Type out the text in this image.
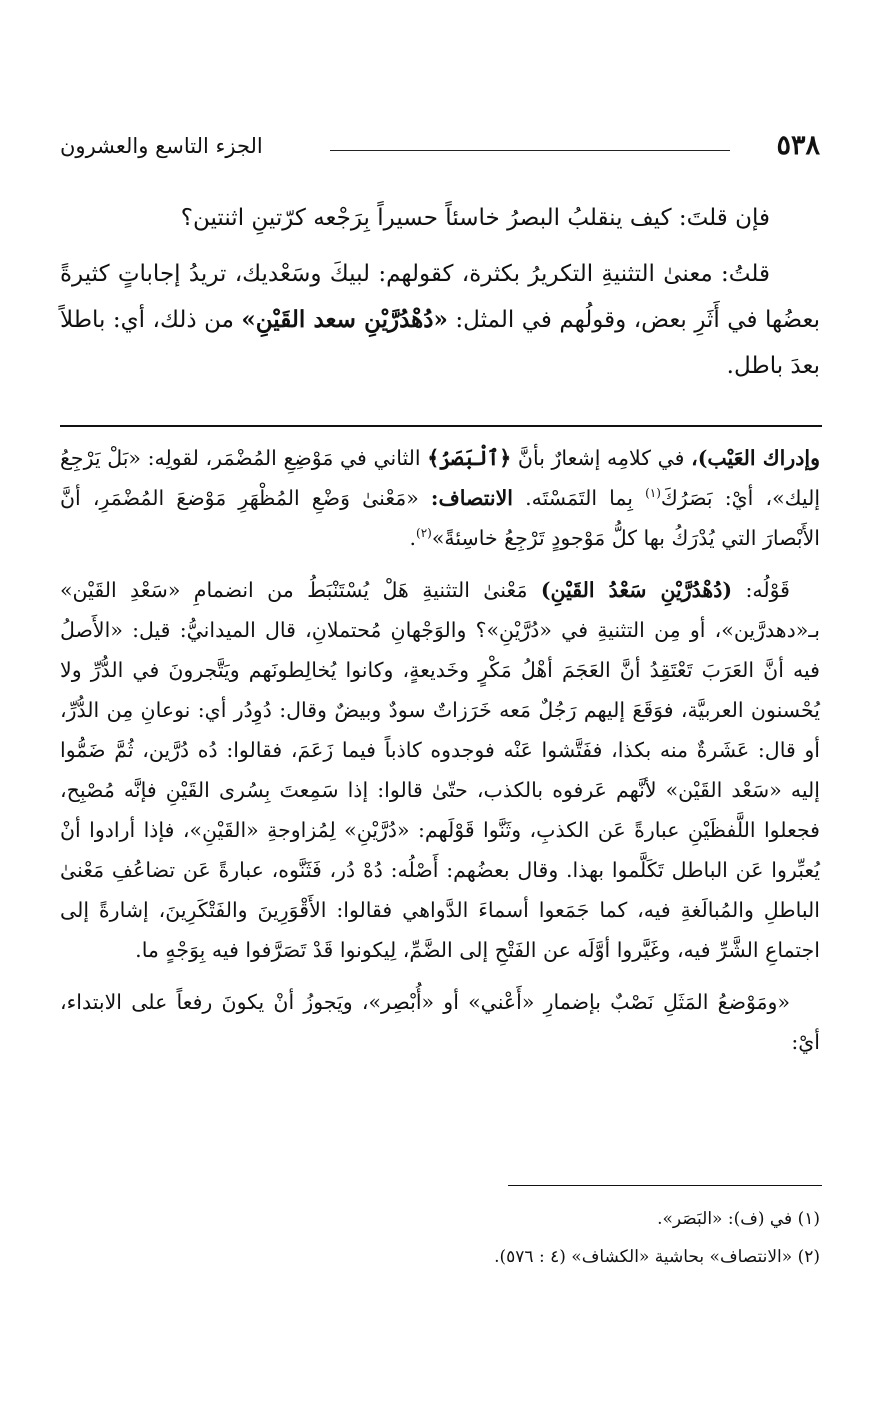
٥٣٨
الجزء التاسع والعشرون

فإن قلتَ: كيف ينقلبُ البصرُ خاسئاً حسيراً بِرَجْعه كرّتينِ اثنتين؟

قلتُ: معنىٰ التثنيةِ التكريرُ بكثرة، كقولهم: لبيكَ وسَعْديك، تريدُ إجاباتٍ كثيرةً بعضُها في أَثَرِ بعض، وقولُهم في المثل: «دُهْدُرَّيْنِ سعد القَيْنِ» من ذلك، أي: باطلاً بعدَ باطل.

وإدراك العَيْب)، في كلامِه إشعارٌ بأنَّ ﴿ٱلْبَصَرُ﴾ الثاني في مَوْضِعِ المُضْمَر، لقولِه: «بَلْ يَرْجِعُ إليك»، أيْ: بَصَرُكَ$^{(١)}$ بِما التَمَسْتَه. الانتصاف: «مَعْنىٰ وَضْعِ المُظْهَرِ مَوْضعَ المُضْمَرِ، أنَّ الأَبْصارَ التي يُدْرَكُ بها كلُّ مَوْجودٍ تَرْجِعُ خاسِئةً»$^{(٢)}$.

قَوْلُه: (دُهْدُرَّيْنِ سَعْدُ القَيْنِ) مَعْنىٰ التثنيةِ هَلْ يُسْتَنْبَطُ من انضمامِ «سَعْدِ القَيْن» بـ«دهدرَّين»، أو مِن التثنيةِ في «دُرَّيْنِ»؟ والوَجْهانِ مُحتملانِ، قال الميدانيُّ: قيل: «الأَصلُ فيه أنَّ العَرَبَ تَعْتَقِدُ أنَّ العَجَمَ أهْلُ مَكْرٍ وخَديعةٍ، وكانوا يُخالِطونَهم ويَتَّجرونَ في الدُّرِّ ولا يُحْسنون العربيَّة، فوَقَعَ إليهم رَجُلٌ مَعه خَرَزاتٌ سودٌ وبيضٌ وقال: دُوِدُر أي: نوعانِ مِن الدُّرِّ، أو قال: عَشَرةٌ منه بكذا، ففَتَّشوا عَنْه فوجدوه كاذباً فيما زَعَمَ، فقالوا: دُه دُرَّين، ثُمَّ ضَمُّوا إليه «سَعْد القَيْن» لأنَّهم عَرفوه بالكذب، حتّىٰ قالوا: إذا سَمِعتَ بِسُرى القَيْنِ فإنَّه مُصْبِح، فجعلوا اللَّفظَيْنِ عبارةً عَن الكذبِ، وثَنَّوا قَوْلَهم: «دُرَّيْنِ» لِمُزاوجةِ «القَيْنِ»، فإذا أرادوا أنْ يُعبِّروا عَن الباطل تَكَلَّموا بهذا. وقال بعضُهم: أَصْلُه: دُهْ دُر، فَثَنَّوه، عبارةً عَن تضاعُفِ مَعْنىٰ الباطلِ والمُبالَغةِ فيه، كما جَمَعوا أسماءَ الدَّواهي فقالوا: الأَقْوَرِينَ والفَتْكَرِينَ، إشارةً إلى اجتماعِ الشَّرِّ فيه، وغَيَّروا أوَّلَه عن الفَتْحِ إلى الضَّمِّ، لِيكونوا قَدْ تَصَرَّفوا فيه بِوَجْهٍ ما.

«ومَوْضعُ المَثَلِ نَصْبٌ بإضمارِ «أَعْني» أو «أُبْصِر»، ويَجوزُ أنْ يكونَ رفعاً على الابتداء، أيْ:

(١) في (ف): «البَصَر».
(٢) «الانتصاف» بحاشية «الكشاف» (٤ : ٥٧٦).
